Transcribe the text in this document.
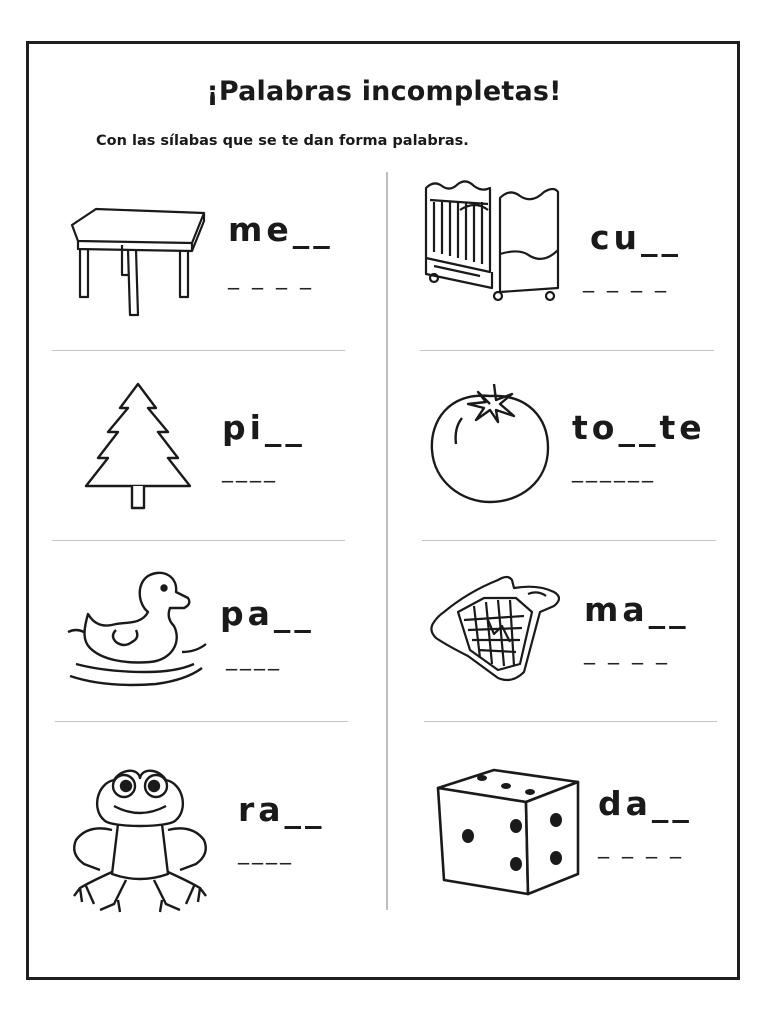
¡Palabras incompletas!
Con las sílabas que se te dan forma palabras.
me__
_ _ _ _
cu__
_ _ _ _
pi__
____
to__te
______
pa__
____
ma__
_ _ _ _
ra__
____
da__
_ _ _ _
